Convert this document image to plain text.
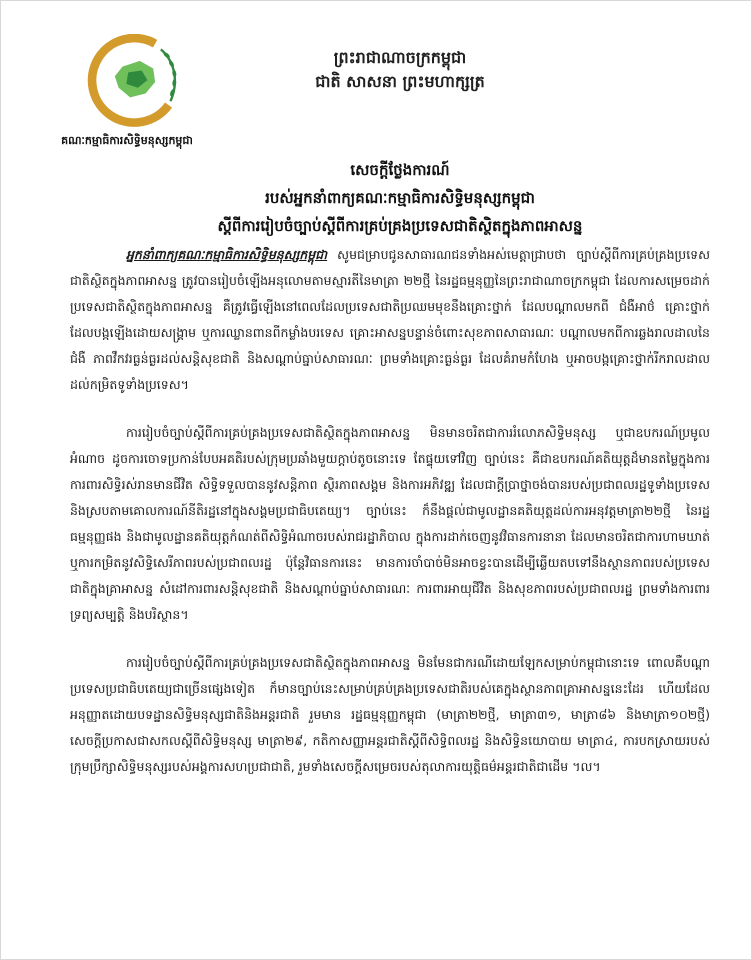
គណៈកម្មាធិការសិទ្ធិមនុស្សកម្ពុជា
ព្រះរាជាណាចក្រកម្ពុជា
ជាតិ សាសនា ព្រះមហាក្សត្រ
សេចក្តីថ្លែងការណ៍
របស់អ្នកនាំពាក្យគណៈកម្មាធិការសិទ្ធិមនុស្សកម្ពុជា
ស្តីពីការរៀបចំច្បាប់ស្តីពីការគ្រប់គ្រងប្រទេសជាតិស្ថិតក្នុងភាពអាសន្ន

អ្នកនាំពាក្យគណៈកម្មាធិការសិទ្ធិមនុស្សកម្ពុជា សូមជម្រាបជូនសាធារណជនទាំងអស់មេត្តាជ្រាបថា ច្បាប់ស្តីពីការគ្រប់គ្រងប្រទេសជាតិស្ថិតក្នុងភាពអាសន្ន ត្រូវបានរៀបចំឡើងអនុលោមតាមស្មារតីនៃមាត្រា ២២ថ្មី នៃរដ្ឋធម្មនុញ្ញនៃព្រះរាជាណាចក្រកម្ពុជា ដែលការសម្រេចដាក់ប្រទេសជាតិស្ថិតក្នុងភាពអាសន្ន គឺត្រូវធ្វើឡើងនៅពេលដែលប្រទេសជាតិប្រឈមមុខនឹងគ្រោះថ្នាក់ ដែលបណ្តាលមកពី ជំងឺអាថ៌ គ្រោះថ្នាក់ ដែលបង្កឡើងដោយសង្គ្រាម ឬការឈ្លានពានពីកម្លាំងបរទេស គ្រោះអាសន្នបន្ទាន់ចំពោះសុខភាពសាធារណៈ បណ្តាលមកពីការឆ្លងរាលដាលនៃជំងឺ ភាពវឹកវរធ្ងន់ធ្ងរដល់សន្តិសុខជាតិ និងសណ្តាប់ធ្នាប់សាធារណៈ ព្រមទាំងគ្រោះធ្ងន់ធ្ងរ ដែលគំរាមកំហែង ឬអាចបង្កគ្រោះថ្នាក់រីករាលដាលដល់កម្រិតទូទាំងប្រទេស។

ការរៀបចំច្បាប់ស្តីពីការគ្រប់គ្រងប្រទេសជាតិស្ថិតក្នុងភាពអាសន្ន មិនមានចរិតជាការរំលោភសិទ្ធិមនុស្ស ឬជាឧបករណ៍ប្រមូលអំណាច ដូចការចោទប្រកាន់បែបអគតិរបស់ក្រុមប្រឆាំងមួយក្តាប់តូចនោះទេ តែផ្ទុយទៅវិញ ច្បាប់នេះ គឺជាឧបករណ៍គតិយុត្តដ៏មានតម្លៃក្នុងការការពារសិទ្ធិរស់រានមានជីវិត សិទ្ធិទទួលបាននូវសន្តិភាព ស្ថិរភាពសង្គម និងការអភិវឌ្ឍ ដែលជាក្តីប្រាថ្នាចង់បានរបស់ប្រជាពលរដ្ឋទូទាំងប្រទេស និងស្របតាមគោលការណ៍នីតិរដ្ឋនៅក្នុងសង្គមប្រជាធិបតេយ្យ។ ច្បាប់នេះ ក៏នឹងផ្តល់ជាមូលដ្ឋានគតិយុត្តដល់ការអនុវត្តមាត្រា២២ថ្មី នៃរដ្ឋធម្មនុញ្ញផង និងជាមូលដ្ឋានគតិយុត្តកំណត់ពីសិទ្ធិអំណាចរបស់រាជរដ្ឋាភិបាល ក្នុងការដាក់ចេញនូវវិធានការនានា ដែលមានចរិតជាការហាមឃាត់ ឬការកម្រិតនូវសិទ្ធិសេរីភាពរបស់ប្រជាពលរដ្ឋ ប៉ុន្តែវិធានការនេះ មានការចាំបាច់មិនអាចខ្វះបានដើម្បីឆ្លើយតបទៅនឹងស្ថានភាពរបស់ប្រទេសជាតិក្នុងគ្រាអាសន្ន សំដៅការពារសន្តិសុខជាតិ និងសណ្តាប់ធ្នាប់សាធារណៈ ការពារអាយុជីវិត និងសុខភាពរបស់ប្រជាពលរដ្ឋ ព្រមទាំងការពារទ្រព្យសម្បត្តិ និងបរិស្ថាន។

ការរៀបចំច្បាប់ស្តីពីការគ្រប់គ្រងប្រទេសជាតិស្ថិតក្នុងភាពអាសន្ន មិនមែនជាករណីដោយឡែកសម្រាប់កម្ពុជានោះទេ ពោលគឺបណ្តាប្រទេសប្រជាធិបតេយ្យជាច្រើនផ្សេងទៀត ក៏មានច្បាប់នេះសម្រាប់គ្រប់គ្រងប្រទេសជាតិរបស់គេក្នុងស្ថានភាពគ្រាអាសន្ននេះដែរ ហើយដែលអនុញ្ញាតដោយបទដ្ឋានសិទ្ធិមនុស្សជាតិនិងអន្តរជាតិ រួមមាន រដ្ឋធម្មនុញ្ញកម្ពុជា (មាត្រា២២ថ្មី, មាត្រា៣១, មាត្រា៨៦ និងមាត្រា១០២ថ្មី) សេចក្តីប្រកាសជាសកលស្តីពីសិទ្ធិមនុស្ស មាត្រា២៩, កតិកាសញ្ញាអន្តរជាតិស្តីពីសិទ្ធិពលរដ្ឋ និងសិទ្ធិនយោបាយ មាត្រា៤, ការបកស្រាយរបស់ក្រុមប្រឹក្សាសិទ្ធិមនុស្សរបស់អង្គការសហប្រជាជាតិ, រួមទាំងសេចក្តីសម្រេចរបស់តុលាការយុត្តិធម៌អន្តរជាតិជាដើម ។ល។
